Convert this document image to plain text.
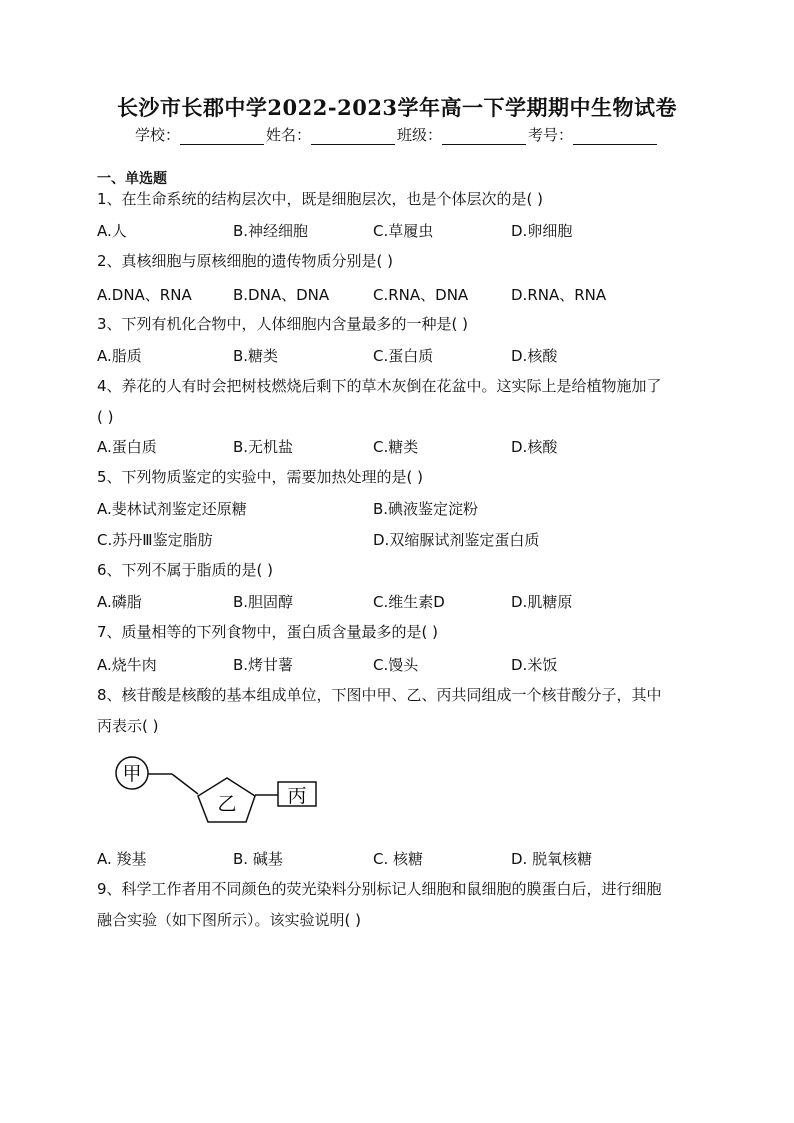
长沙市长郡中学2022-2023学年高一下学期期中生物试卷
学校：	姓名：	班级：	考号：
一、单选题
1、在生命系统的结构层次中，既是细胞层次，也是个体层次的是( )
A.人	B.神经细胞	C.草履虫	D.卵细胞
2、真核细胞与原核细胞的遗传物质分别是( )
A.DNA、RNA	B.DNA、DNA	C.RNA、DNA	D.RNA、RNA
3、下列有机化合物中，人体细胞内含量最多的一种是( )
A.脂质	B.糖类	C.蛋白质	D.核酸
4、养花的人有时会把树枝燃烧后剩下的草木灰倒在花盆中。这实际上是给植物施加了
( )
A.蛋白质	B.无机盐	C.糖类	D.核酸
5、下列物质鉴定的实验中，需要加热处理的是( )
A.斐林试剂鉴定还原糖	B.碘液鉴定淀粉
C.苏丹Ⅲ鉴定脂肪	D.双缩脲试剂鉴定蛋白质
6、下列不属于脂质的是( )
A.磷脂	B.胆固醇	C.维生素D	D.肌糖原
7、质量相等的下列食物中，蛋白质含量最多的是( )
A.烧牛肉	B.烤甘薯	C.馒头	D.米饭
8、核苷酸是核酸的基本组成单位，下图中甲、乙、丙共同组成一个核苷酸分子，其中
丙表示( )
甲
乙	丙
A. 羧基	B. 碱基	C. 核糖	D. 脱氧核糖
9、科学工作者用不同颜色的荧光染料分别标记人细胞和鼠细胞的膜蛋白后，进行细胞
融合实验（如下图所示）。该实验说明( )
